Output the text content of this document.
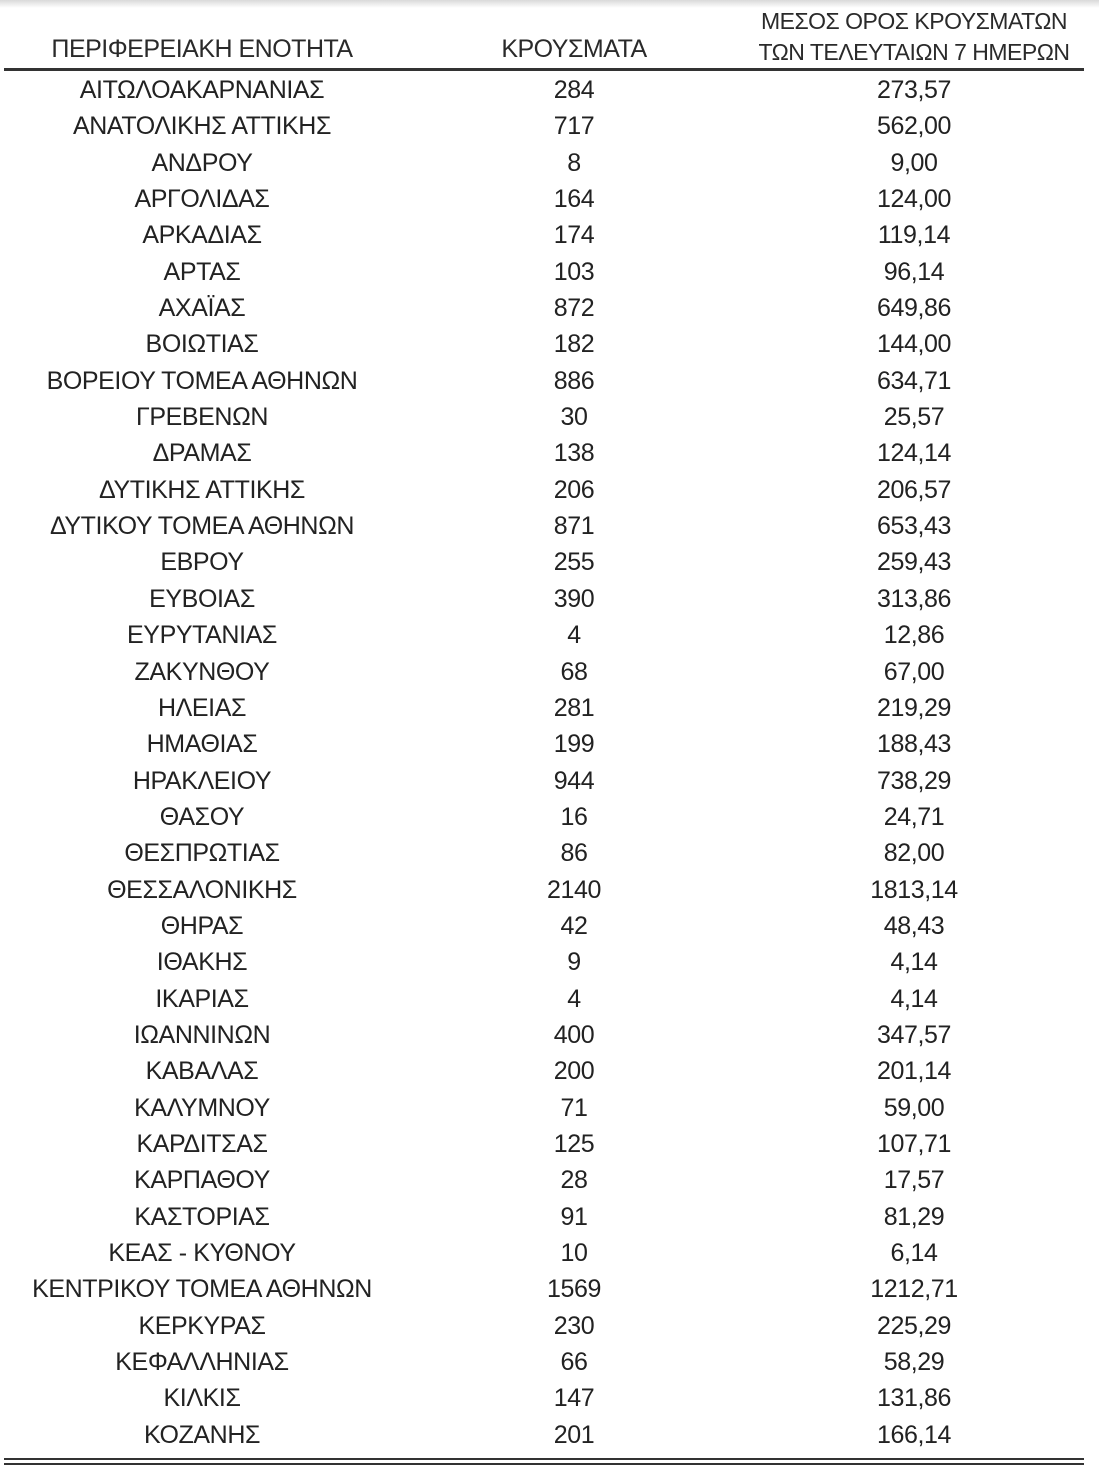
ΠΕΡΙΦΕΡΕΙΑΚΗ ΕΝΟΤΗΤΑ	ΚΡΟΥΣΜΑΤΑ
ΜΕΣΟΣ ΟΡΟΣ ΚΡΟΥΣΜΑΤΩΝ
ΤΩΝ ΤΕΛΕΥΤΑΙΩΝ 7 ΗΜΕΡΩΝ
ΑΙΤΩΛΟΑΚΑΡΝΑΝΙΑΣ	284	273,57
ΑΝΑΤΟΛΙΚΗΣ ΑΤΤΙΚΗΣ	717	562,00
ΑΝΔΡΟΥ	8	9,00
ΑΡΓΟΛΙΔΑΣ	164	124,00
ΑΡΚΑΔΙΑΣ	174	119,14
ΑΡΤΑΣ	103	96,14
ΑΧΑΪΑΣ	872	649,86
ΒΟΙΩΤΙΑΣ	182	144,00
ΒΟΡΕΙΟΥ ΤΟΜΕΑ ΑΘΗΝΩΝ	886	634,71
ΓΡΕΒΕΝΩΝ	30	25,57
ΔΡΑΜΑΣ	138	124,14
ΔΥΤΙΚΗΣ ΑΤΤΙΚΗΣ	206	206,57
ΔΥΤΙΚΟΥ ΤΟΜΕΑ ΑΘΗΝΩΝ	871	653,43
ΕΒΡΟΥ	255	259,43
ΕΥΒΟΙΑΣ	390	313,86
ΕΥΡΥΤΑΝΙΑΣ	4	12,86
ΖΑΚΥΝΘΟΥ	68	67,00
ΗΛΕΙΑΣ	281	219,29
ΗΜΑΘΙΑΣ	199	188,43
ΗΡΑΚΛΕΙΟΥ	944	738,29
ΘΑΣΟΥ	16	24,71
ΘΕΣΠΡΩΤΙΑΣ	86	82,00
ΘΕΣΣΑΛΟΝΙΚΗΣ	2140	1813,14
ΘΗΡΑΣ	42	48,43
ΙΘΑΚΗΣ	9	4,14
ΙΚΑΡΙΑΣ	4	4,14
ΙΩΑΝΝΙΝΩΝ	400	347,57
ΚΑΒΑΛΑΣ	200	201,14
ΚΑΛΥΜΝΟΥ	71	59,00
ΚΑΡΔΙΤΣΑΣ	125	107,71
ΚΑΡΠΑΘΟΥ	28	17,57
ΚΑΣΤΟΡΙΑΣ	91	81,29
ΚΕΑΣ - ΚΥΘΝΟΥ	10	6,14
ΚΕΝΤΡΙΚΟΥ ΤΟΜΕΑ ΑΘΗΝΩΝ	1569	1212,71
ΚΕΡΚΥΡΑΣ	230	225,29
ΚΕΦΑΛΛΗΝΙΑΣ	66	58,29
ΚΙΛΚΙΣ	147	131,86
ΚΟΖΑΝΗΣ	201	166,14
